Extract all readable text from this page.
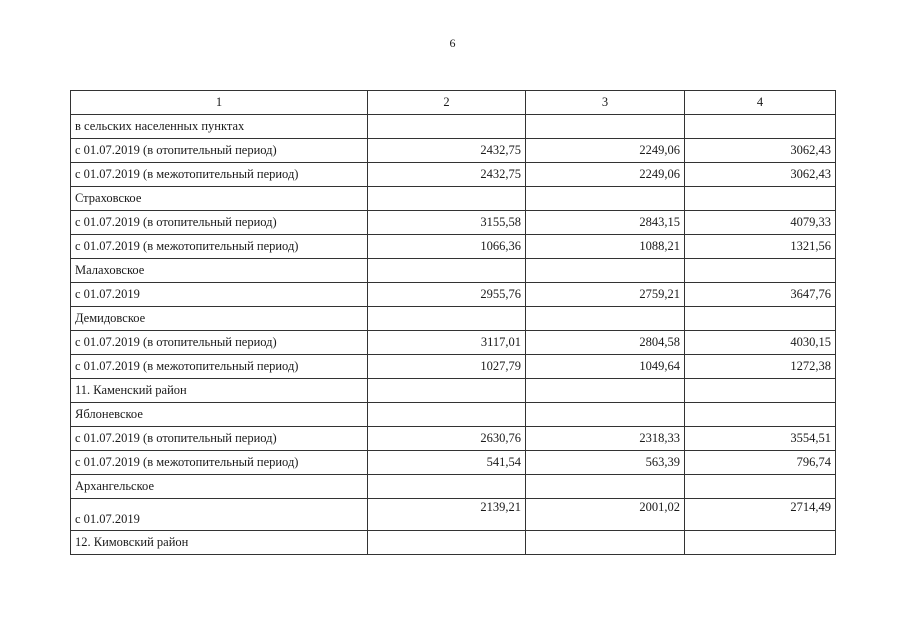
6
1	2	3	4
в сельских населенных пунктах			
с 01.07.2019 (в отопительный период)	2432,75	2249,06	3062,43
с 01.07.2019 (в межотопительный период)	2432,75	2249,06	3062,43
Страховское			
с 01.07.2019 (в отопительный период)	3155,58	2843,15	4079,33
с 01.07.2019 (в межотопительный период)	1066,36	1088,21	1321,56
Малаховское			
с 01.07.2019	2955,76	2759,21	3647,76
Демидовское			
с 01.07.2019 (в отопительный период)	3117,01	2804,58	4030,15
с 01.07.2019 (в межотопительный период)	1027,79	1049,64	1272,38
11. Каменский район			
Яблоневское			
с 01.07.2019 (в отопительный период)	2630,76	2318,33	3554,51
с 01.07.2019 (в межотопительный период)	541,54	563,39	796,74
Архангельское			
с 01.07.2019	2139,21	2001,02	2714,49
12. Кимовский район			
